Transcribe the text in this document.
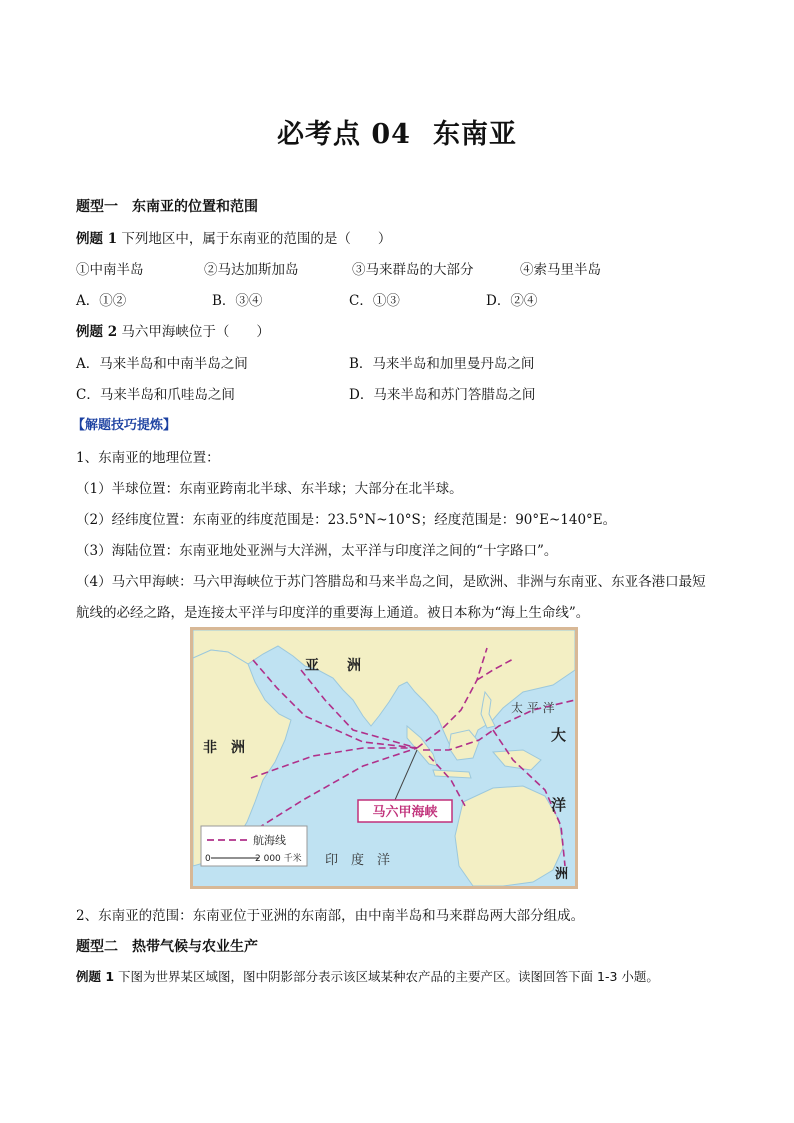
必考点 04 东南亚
题型一　东南亚的位置和范围
例题 1 下列地区中，属于东南亚的范围的是（　　）
①中南半岛	②马达加斯加岛	③马来群岛的大部分	④索马里半岛
A．①②	B．③④	C．①③	D．②④
例题 2 马六甲海峡位于（　　）
A．马来半岛和中南半岛之间	B．马来半岛和加里曼丹岛之间
C．马来半岛和爪哇岛之间	D．马来半岛和苏门答腊岛之间
【解题技巧提炼】
1、东南亚的地理位置：
（1）半球位置：东南亚跨南北半球、东半球；大部分在北半球。
（2）经纬度位置：东南亚的纬度范围是：23.5°N~10°S；经度范围是：90°E~140°E。
（3）海陆位置：东南亚地处亚洲与大洋洲，太平洋与印度洋之间的“十字路口”。
（4）马六甲海峡：马六甲海峡位于苏门答腊岛和马来半岛之间，是欧洲、非洲与东南亚、东亚各港口最短
航线的必经之路，是连接太平洋与印度洋的重要海上通道。被日本称为“海上生命线”。
马六甲海峡
亚　　洲
非　洲
太 平 洋
印　度　洋
大
洋
洲
航海线
0	2 000 千米
2、东南亚的范围：东南亚位于亚洲的东南部，由中南半岛和马来群岛两大部分组成。
题型二　热带气候与农业生产
例题 1 下图为世界某区域图，图中阴影部分表示该区域某种农产品的主要产区。读图回答下面 1-3 小题。
